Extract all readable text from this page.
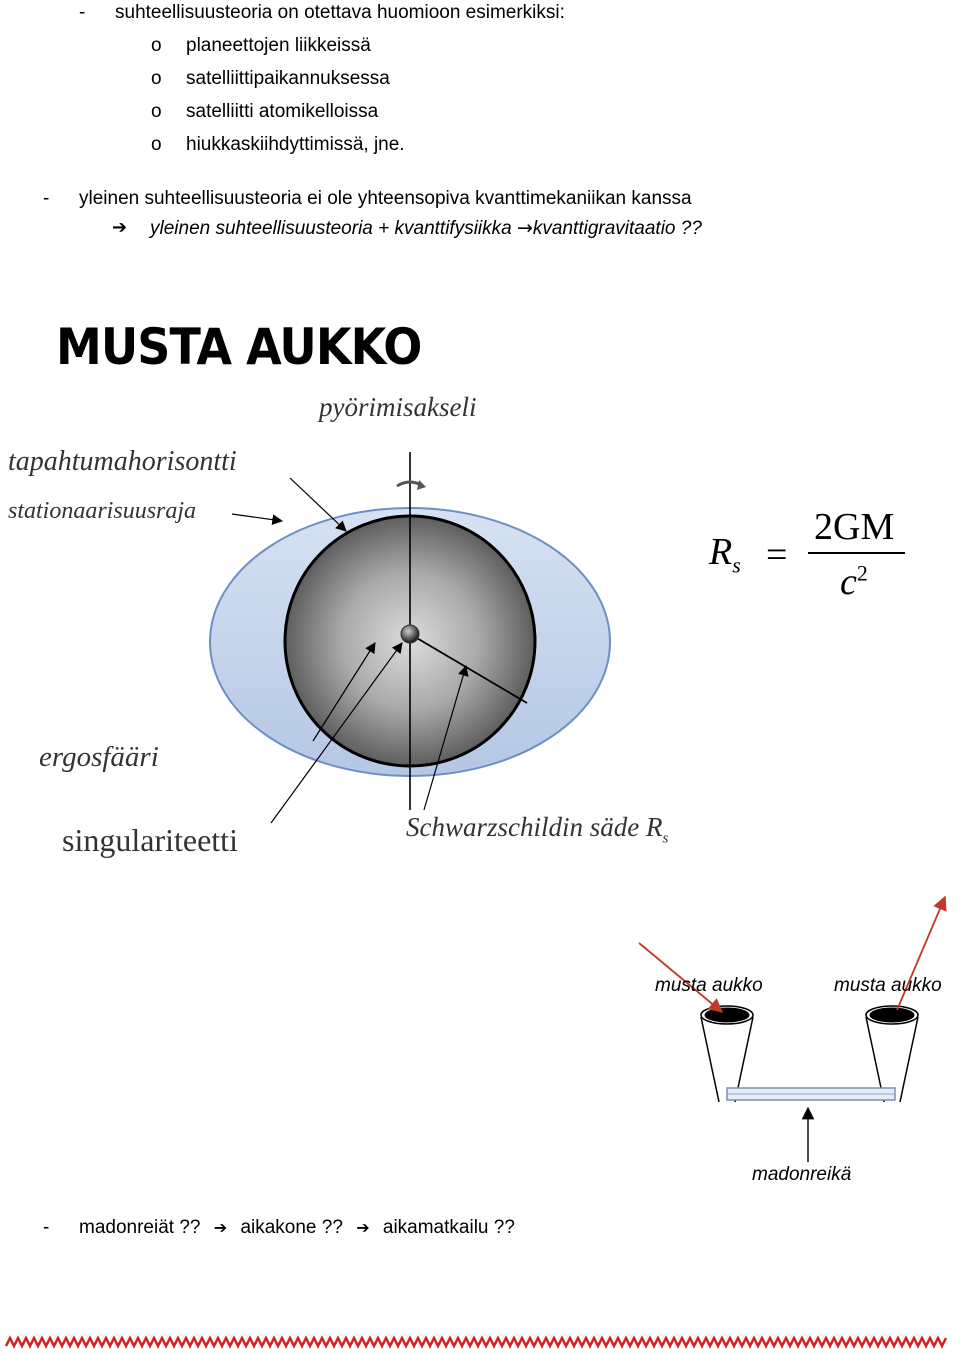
- suhteellisuusteoria on otettava huomioon esimerkiksi:
o planeettojen liikkeissä
o satelliittipaikannuksessa
o satelliitti atomikelloissa
o hiukkaskiihdyttimissä, jne.
- yleinen suhteellisuusteoria ei ole yhteensopiva kvanttimekaniikan kanssa
➔ yleinen suhteellisuusteoria + kvanttifysiikka →kvanttigravitaatio ??
MUSTA AUKKO
pyörimisakseli
tapahtumahorisontti
stationaarisuusraja
ergosfääri
singulariteetti	Schwarzschildin säde $R_s$
$R_s$ =
2GM
$c^2$
musta aukko	musta aukko
madonreikä
- madonreiät ?? ➔ aikakone ?? ➔ aikamatkailu ??
